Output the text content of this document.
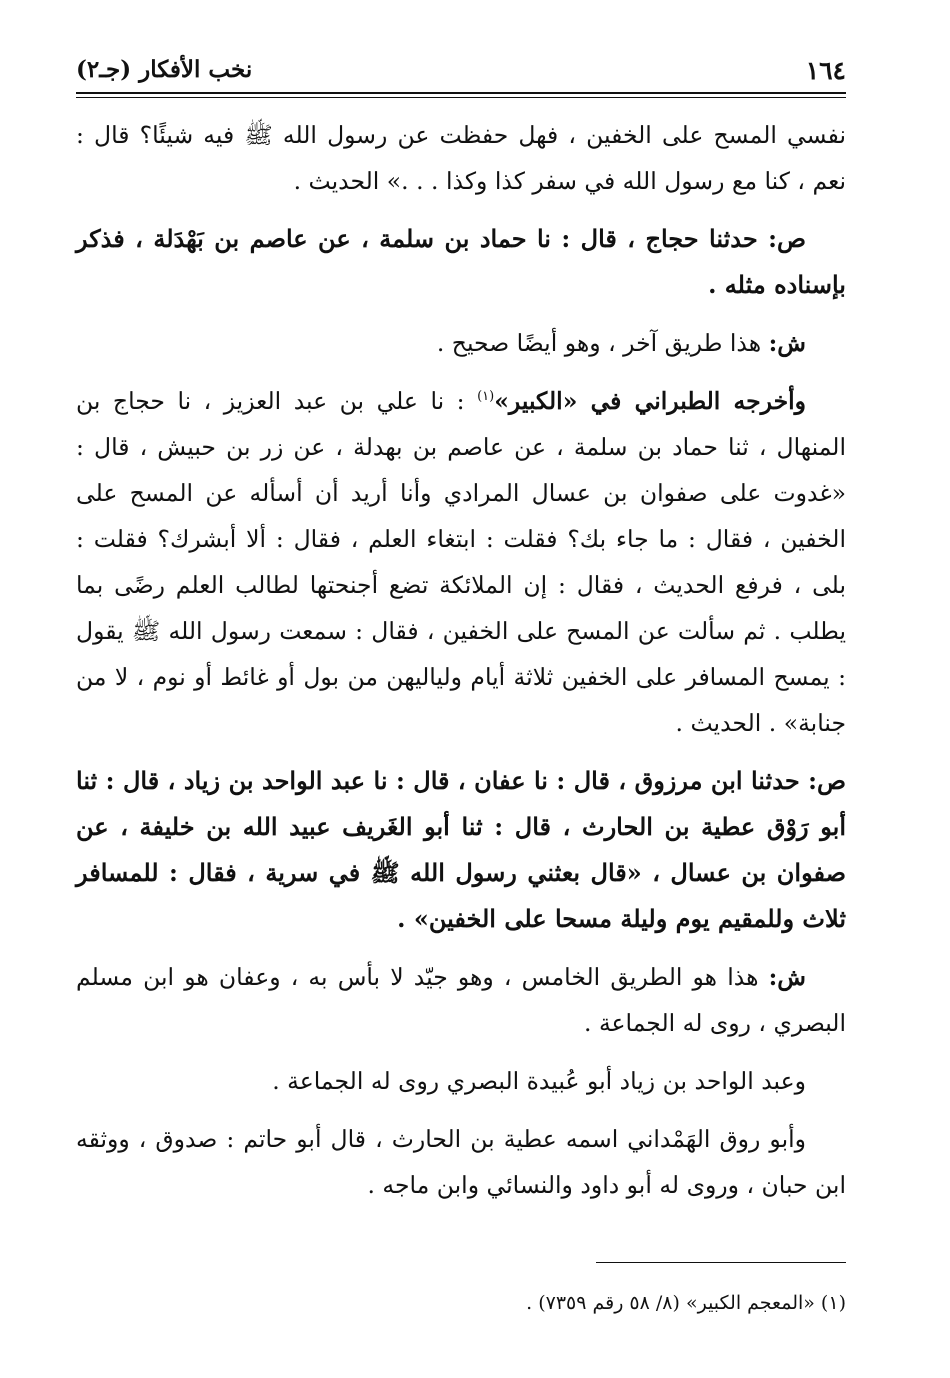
١٦٤
نخب الأفكار (جـ٢)

نفسي المسح على الخفين ، فهل حفظت عن رسول الله ﷺ فيه شيئًا؟ قال : نعم ، كنا مع رسول الله في سفر كذا وكذا . . .» الحديث .

ص: حدثنا حجاج ، قال : نا حماد بن سلمة ، عن عاصم بن بَهْدَلة ، فذكر بإسناده مثله .

ش: هذا طريق آخر ، وهو أيضًا صحيح .

وأخرجه الطبراني في «الكبير»$^{(١)}$ : نا علي بن عبد العزيز ، نا حجاج بن المنهال ، ثنا حماد بن سلمة ، عن عاصم بن بهدلة ، عن زر بن حبيش ، قال : «غدوت على صفوان بن عسال المرادي وأنا أريد أن أسأله عن المسح على الخفين ، فقال : ما جاء بك؟ فقلت : ابتغاء العلم ، فقال : ألا أبشرك؟ فقلت : بلى ، فرفع الحديث ، فقال : إن الملائكة تضع أجنحتها لطالب العلم رضًى بما يطلب . ثم سألت عن المسح على الخفين ، فقال : سمعت رسول الله ﷺ يقول : يمسح المسافر على الخفين ثلاثة أيام ولياليهن من بول أو غائط أو نوم ، لا من جنابة» . الحديث .

ص: حدثنا ابن مرزوق ، قال : نا عفان ، قال : نا عبد الواحد بن زياد ، قال : ثنا أبو رَوْق عطية بن الحارث ، قال : ثنا أبو الغَريف عبيد الله بن خليفة ، عن صفوان بن عسال ، «قال بعثني رسول الله ﷺ في سرية ، فقال : للمسافر ثلاث وللمقيم يوم وليلة مسحا على الخفين» .

ش: هذا هو الطريق الخامس ، وهو جيّد لا بأس به ، وعفان هو ابن مسلم البصري ، روى له الجماعة .

وعبد الواحد بن زياد أبو عُبيدة البصري روى له الجماعة .

وأبو روق الهَمْداني اسمه عطية بن الحارث ، قال أبو حاتم : صدوق ، ووثقه ابن حبان ، وروى له أبو داود والنسائي وابن ماجه .

(١) «المعجم الكبير» (٨/ ٥٨ رقم ٧٣٥٩) .
